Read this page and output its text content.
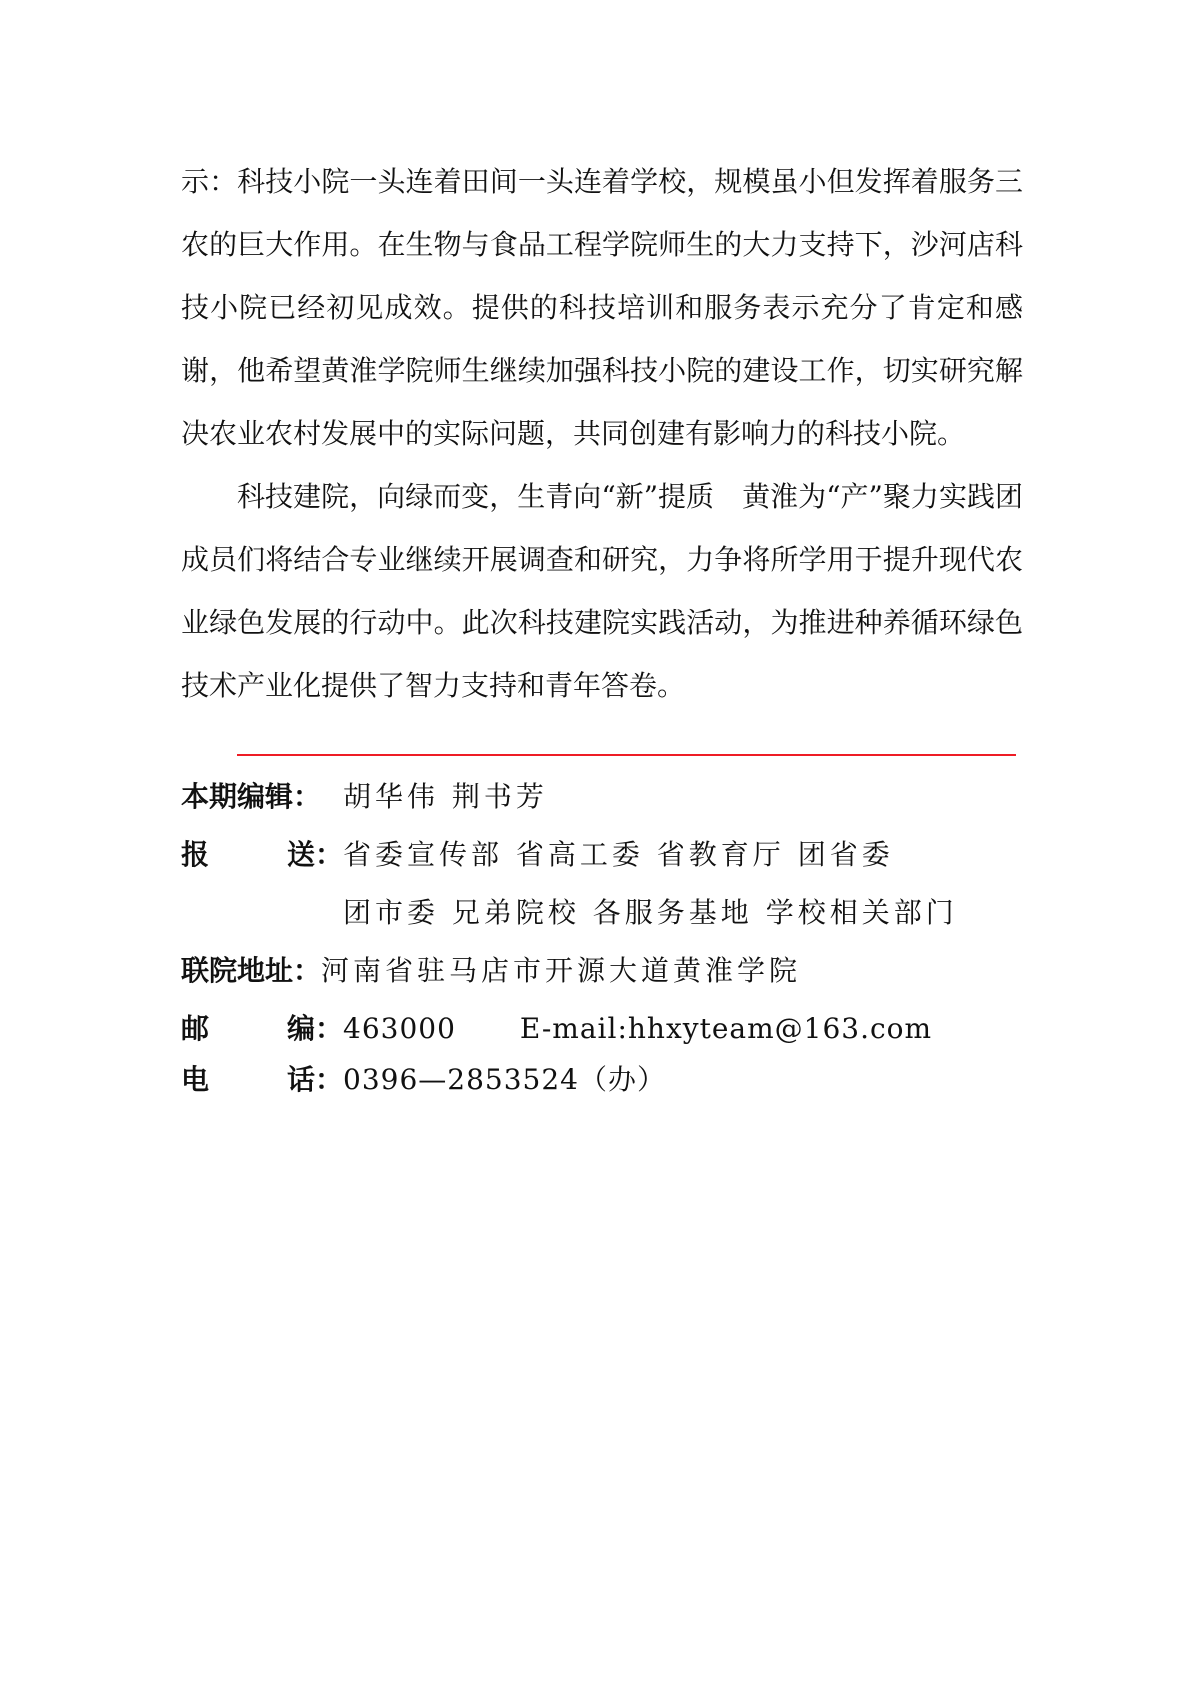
示：科技小院一头连着田间一头连着学校，规模虽小但发挥着服务三农的巨大作用。在生物与食品工程学院师生的大力支持下，沙河店科技小院已经初见成效。提供的科技培训和服务表示充分了肯定和感谢，他希望黄淮学院师生继续加强科技小院的建设工作，切实研究解决农业农村发展中的实际问题，共同创建有影响力的科技小院。

科技建院，向绿而变，生青向“新”提质　黄淮为“产”聚力实践团成员们将结合专业继续开展调查和研究，力争将所学用于提升现代农业绿色发展的行动中。此次科技建院实践活动，为推进种养循环绿色技术产业化提供了智力支持和青年答卷。

本期编辑： 胡华伟 荆书芳
报	送： 省委宣传部 省高工委 省教育厅 团省委
团市委 兄弟院校 各服务基地 学校相关部门
联院地址： 河南省驻马店市开源大道黄淮学院
邮	编： 463000 E-mail:hhxyteam@163.com
电	话： 0396—2853524（办）
